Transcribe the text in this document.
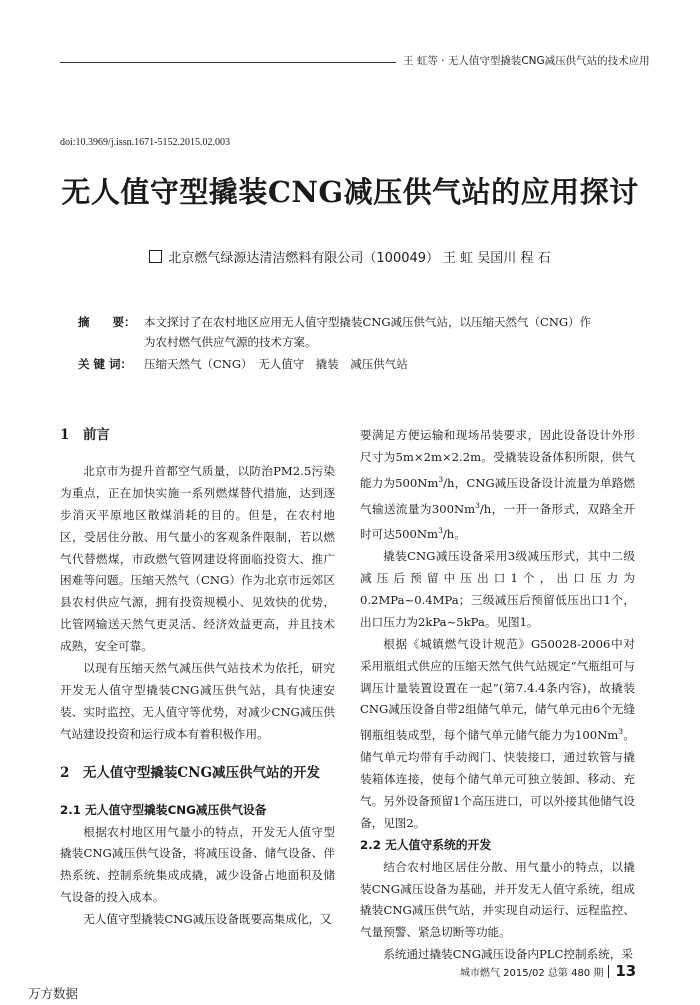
王 虹等 · 无人值守型撬装CNG减压供气站的技术应用
doi:10.3969/j.issn.1671-5152.2015.02.003
无人值守型撬装CNG减压供气站的应用探讨
北京燃气绿源达清洁燃料有限公司（100049） 王 虹 吴国川 程 石
摘　　要： 本文探讨了在农村地区应用无人值守型撬装CNG减压供气站，以压缩天然气（CNG）作
为农村燃气供应气源的技术方案。
关 键 词：	压缩天然气（CNG）　无人值守　撬装　减压供气站

1　前言

北京市为提升首都空气质量，以防治PM2.5污染为重点，正在加快实施一系列燃煤替代措施，达到逐步消灭平原地区散煤消耗的目的。但是，在农村地区，受居住分散、用气量小的客观条件限制，若以燃气代替燃煤，市政燃气管网建设将面临投资大、推广困难等问题。压缩天然气（CNG）作为北京市远郊区县农村供应气源，拥有投资规模小、见效快的优势，比管网输送天然气更灵活、经济效益更高，并且技术成熟，安全可靠。

以现有压缩天然气减压供气站技术为依托，研究开发无人值守型撬装CNG减压供气站，具有快速安装、实时监控、无人值守等优势，对减少CNG减压供气站建设投资和运行成本有着积极作用。

2　无人值守型撬装CNG减压供气站的开发

2.1 无人值守型撬装CNG减压供气设备

根据农村地区用气量小的特点，开发无人值守型撬装CNG减压供气设备，将减压设备、储气设备、伴热系统、控制系统集成成撬，减少设备占地面积及储气设备的投入成本。

无人值守型撬装CNG减压设备既要高集成化，又

要满足方便运输和现场吊装要求，因此设备设计外形尺寸为5m×2m×2.2m。受撬装设备体积所限，供气能力为500Nm$^3$/h，CNG减压设备设计流量为单路燃气输送流量为300Nm$^3$/h，一开一备形式，双路全开时可达500Nm$^3$/h。

撬装CNG减压设备采用3级减压形式，其中二级减压后预留中压出口1个，出口压力为0.2MPa~0.4MPa；三级减压后预留低压出口1个，出口压力为2kPa~5kPa。见图1。

根据《城镇燃气设计规范》G50028-2006中对采用瓶组式供应的压缩天然气供气站规定“气瓶组可与调压计量装置设置在一起”(第7.4.4条内容)，故撬装CNG减压设备自带2组储气单元，储气单元由6个无缝钢瓶组装成型，每个储气单元储气能力为100Nm$^3$。储气单元均带有手动阀门、快装接口，通过软管与撬装箱体连接，使每个储气单元可独立装卸、移动、充气。另外设备预留1个高压进口，可以外接其他储气设备，见图2。

2.2 无人值守系统的开发

结合农村地区居住分散、用气量小的特点，以撬装CNG减压设备为基础，并开发无人值守系统，组成撬装CNG减压供气站，并实现自动运行、远程监控、气量预警、紧急切断等功能。

系统通过撬装CNG减压设备内PLC控制系统，采

城市燃气 2015/02 总第 480 期 13
万方数据
